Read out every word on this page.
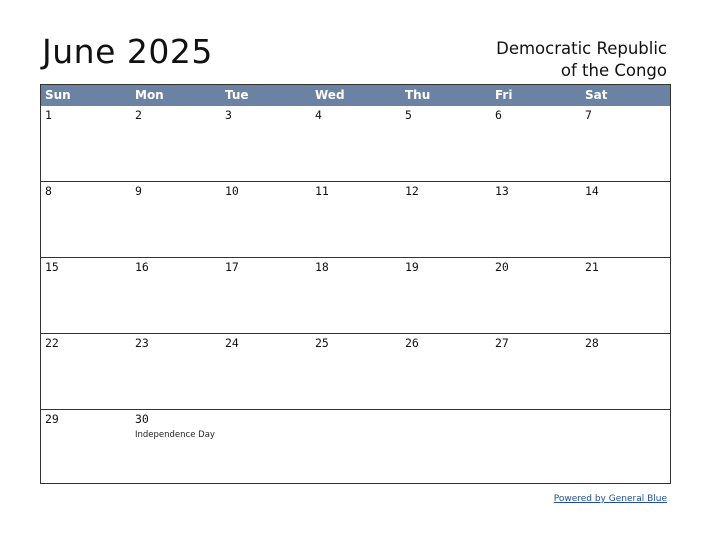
June 2025	Democratic Republic
of the Congo
Sun	Mon	Tue	Wed	Thu	Fri	Sat
1	2	3	4	5	6	7
8	9	10	11	12	13	14
15	16	17	18	19	20	21
22	23	24	25	26	27	28
29	30
Independence Day
Powered by General Blue
